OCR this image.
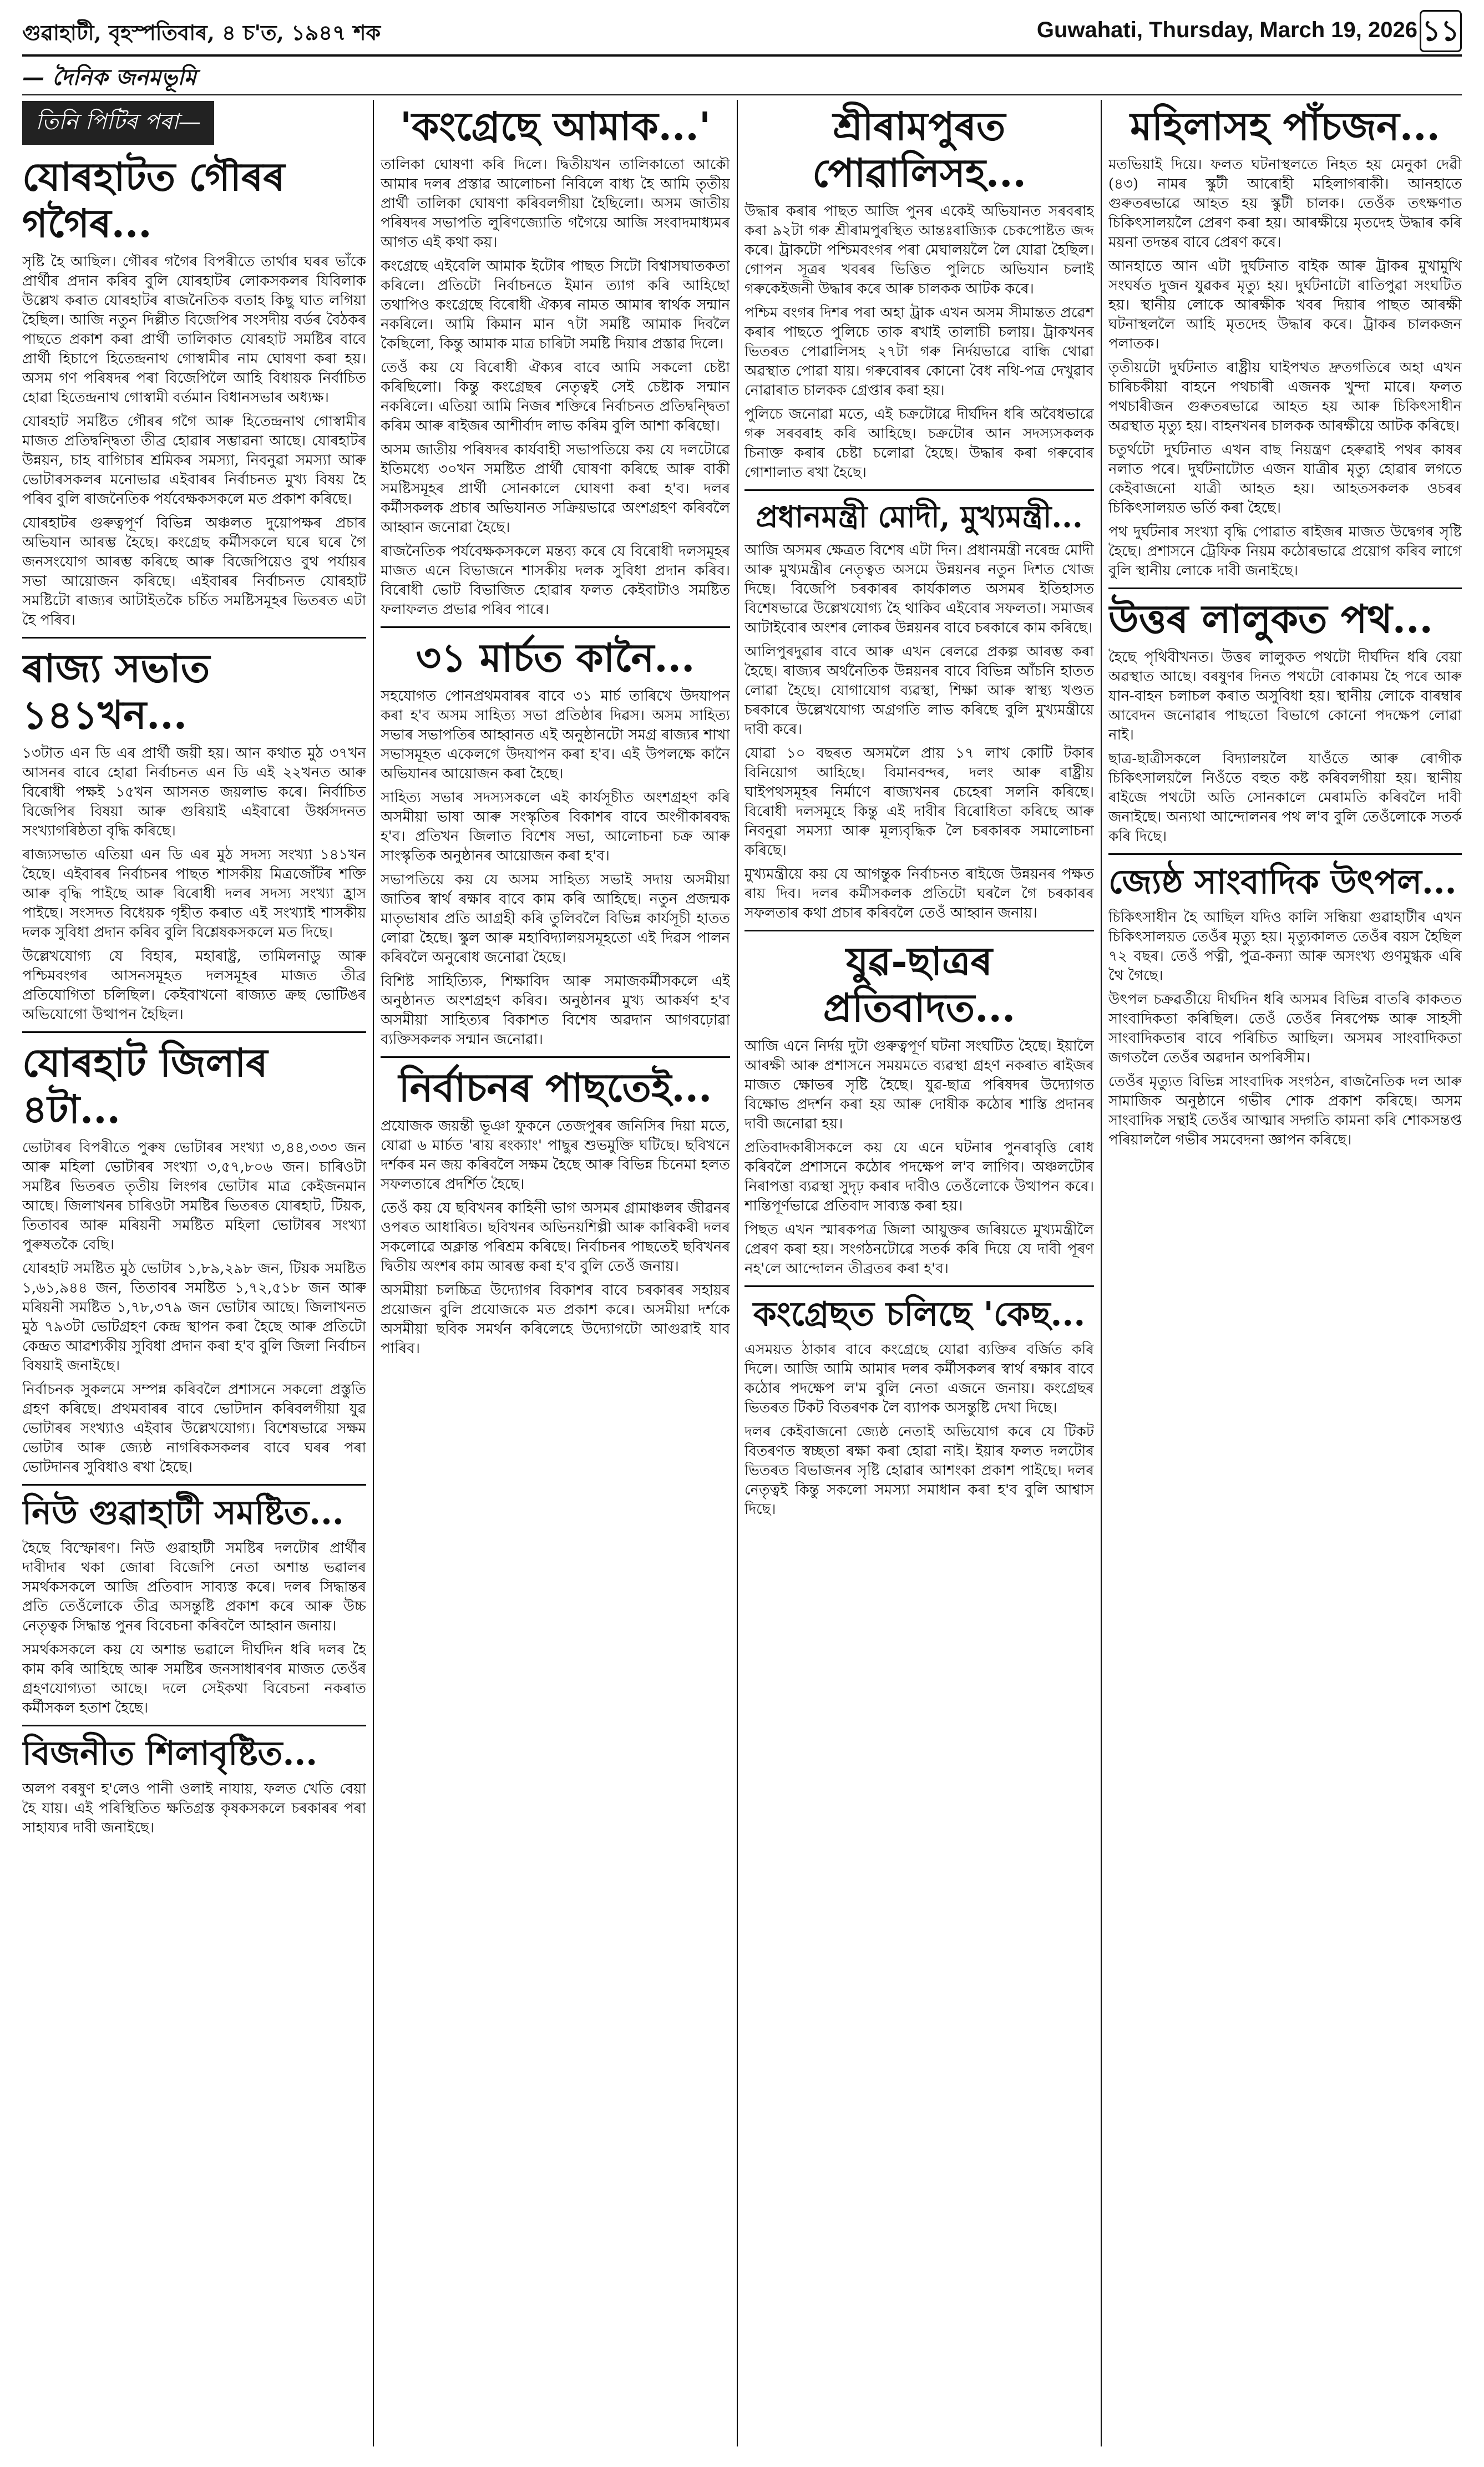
গুৱাহাটী, বৃহস্পতিবাৰ, ৪ চ'ত, ১৯৪৭ শক	Guwahati, Thursday, March 19, 2026 ১১
— দৈনিক জনমভূমি
তিনি পিটিৰ পৰা—
যোৰহাটত গৌৰৰ গগৈৰ...

সৃষ্টি হৈ আছিল। গৌৰৰ গগৈৰ বিপৰীতে তাৰ্থাৰ ঘৰৰ ভাঁকে প্ৰাৰ্থীৰ প্ৰদান কৰিব বুলি যোৰহাটৰ লোকসকলৰ যিবিলাক উল্লেখ কৰাত যোৰহাটৰ ৰাজনৈতিক বতাহ কিছু ঘাত লগিয়া হৈছিল। আজি নতুন দিল্লীত বিজেপিৰ সংসদীয় বৰ্ডৰ বৈঠকৰ পাছতে প্ৰকাশ কৰা প্ৰাৰ্থী তালিকাত যোৰহাট সমষ্টিৰ বাবে প্ৰাৰ্থী হিচাপে হিতেন্দ্ৰনাথ গোস্বামীৰ নাম ঘোষণা কৰা হয়। অসম গণ পৰিষদৰ পৰা বিজেপিলৈ আহি বিধায়ক নিৰ্বাচিত হোৱা হিতেন্দ্ৰনাথ গোস্বামী বৰ্তমান বিধানসভাৰ অধ্যক্ষ।

যোৰহাট সমষ্টিত গৌৰৰ গগৈ আৰু হিতেন্দ্ৰনাথ গোস্বামীৰ মাজত প্ৰতিদ্বন্দ্বিতা তীব্ৰ হোৱাৰ সম্ভাৱনা আছে। যোৰহাটৰ উন্নয়ন, চাহ বাগিচাৰ শ্ৰমিকৰ সমস্যা, নিবনুৱা সমস্যা আৰু ভোটাৰসকলৰ মনোভাৱ এইবাৰৰ নিৰ্বাচনত মুখ্য বিষয় হৈ পৰিব বুলি ৰাজনৈতিক পৰ্যবেক্ষকসকলে মত প্ৰকাশ কৰিছে।

যোৰহাটৰ গুৰুত্বপূৰ্ণ বিভিন্ন অঞ্চলত দুয়োপক্ষৰ প্ৰচাৰ অভিযান আৰম্ভ হৈছে। কংগ্ৰেছ কৰ্মীসকলে ঘৰে ঘৰে গৈ জনসংযোগ আৰম্ভ কৰিছে আৰু বিজেপিয়েও বুথ পৰ্যায়ৰ সভা আয়োজন কৰিছে। এইবাৰৰ নিৰ্বাচনত যোৰহাট সমষ্টিটো ৰাজ্যৰ আটাইতকৈ চৰ্চিত সমষ্টিসমূহৰ ভিতৰত এটা হৈ পৰিব।

ৰাজ্য সভাত ১৪১খন...

১৩টাত এন ডি এৰ প্ৰাৰ্থী জয়ী হয়। আন কথাত মুঠ ৩৭খন আসনৰ বাবে হোৱা নিৰ্বাচনত এন ডি এই ২২খনত আৰু বিৰোধী পক্ষই ১৫খন আসনত জয়লাভ কৰে। নিৰ্বাচিত বিজেপিৰ বিষয়া আৰু গুৰিয়াই এইবাৰো উৰ্ধ্বসদনত সংখ্যাগৰিষ্ঠতা বৃদ্ধি কৰিছে।

ৰাজ্যসভাত এতিয়া এন ডি এৰ মুঠ সদস্য সংখ্যা ১৪১খন হৈছে। এইবাৰৰ নিৰ্বাচনৰ পাছত শাসকীয় মিত্ৰজোঁটৰ শক্তি আৰু বৃদ্ধি পাইছে আৰু বিৰোধী দলৰ সদস্য সংখ্যা হ্ৰাস পাইছে। সংসদত বিধেয়ক গৃহীত কৰাত এই সংখ্যাই শাসকীয় দলক সুবিধা প্ৰদান কৰিব বুলি বিশ্লেষকসকলে মত দিছে।

উল্লেখযোগ্য যে বিহাৰ, মহাৰাষ্ট্ৰ, তামিলনাডু আৰু পশ্চিমবংগৰ আসনসমূহত দলসমূহৰ মাজত তীব্ৰ প্ৰতিযোগিতা চলিছিল। কেইবাখনো ৰাজ্যত ক্ৰছ ভোটিঙৰ অভিযোগো উত্থাপন হৈছিল।

যোৰহাট জিলাৰ ৪টা...

ভোটাৰৰ বিপৰীতে পুৰুষ ভোটাৰৰ সংখ্যা ৩,৪৪,৩৩৩ জন আৰু মহিলা ভোটাৰৰ সংখ্যা ৩,৫৭,৮০৬ জন। চাৰিওটা সমষ্টিৰ ভিতৰত তৃতীয় লিংগৰ ভোটাৰ মাত্ৰ কেইজনমান আছে। জিলাখনৰ চাৰিওটা সমষ্টিৰ ভিতৰত যোৰহাট, টিয়ক, তিতাবৰ আৰু মৰিয়নী সমষ্টিত মহিলা ভোটাৰৰ সংখ্যা পুৰুষতকৈ বেছি।

যোৰহাট সমষ্টিত মুঠ ভোটাৰ ১,৮৯,২৯৮ জন, টিয়ক সমষ্টিত ১,৬১,৯৪৪ জন, তিতাবৰ সমষ্টিত ১,৭২,৫১৮ জন আৰু মৰিয়নী সমষ্টিত ১,৭৮,৩৭৯ জন ভোটাৰ আছে। জিলাখনত মুঠ ৭৯৩টা ভোটগ্ৰহণ কেন্দ্ৰ স্থাপন কৰা হৈছে আৰু প্ৰতিটো কেন্দ্ৰত আৱশ্যকীয় সুবিধা প্ৰদান কৰা হ'ব বুলি জিলা নিৰ্বাচন বিষয়াই জনাইছে।

নিৰ্বাচনক সুকলমে সম্পন্ন কৰিবলৈ প্ৰশাসনে সকলো প্ৰস্তুতি গ্ৰহণ কৰিছে। প্ৰথমবাৰৰ বাবে ভোটদান কৰিবলগীয়া যুৱ ভোটাৰৰ সংখ্যাও এইবাৰ উল্লেখযোগ্য। বিশেষভাৱে সক্ষম ভোটাৰ আৰু জ্যেষ্ঠ নাগৰিকসকলৰ বাবে ঘৰৰ পৰা ভোটদানৰ সুবিধাও ৰখা হৈছে।

নিউ গুৱাহাটী সমষ্টিত...

হৈছে বিস্ফোৰণ। নিউ গুৱাহাটী সমষ্টিৰ দলটোৰ প্ৰাৰ্থীৰ দাবীদাৰ থকা জোৰা বিজেপি নেতা অশান্ত ভৱালৰ সমৰ্থকসকলে আজি প্ৰতিবাদ সাব্যস্ত কৰে। দলৰ সিদ্ধান্তৰ প্ৰতি তেওঁলোকে তীব্ৰ অসন্তুষ্টি প্ৰকাশ কৰে আৰু উচ্চ নেতৃত্বক সিদ্ধান্ত পুনৰ বিবেচনা কৰিবলৈ আহ্বান জনায়।

সমৰ্থকসকলে কয় যে অশান্ত ভৱালে দীৰ্ঘদিন ধৰি দলৰ হৈ কাম কৰি আহিছে আৰু সমষ্টিৰ জনসাধাৰণৰ মাজত তেওঁৰ গ্ৰহণযোগ্যতা আছে। দলে সেইকথা বিবেচনা নকৰাত কৰ্মীসকল হতাশ হৈছে।

বিজনীত শিলাবৃষ্টিত...

অলপ বৰষুণ হ'লেও পানী ওলাই নাযায়, ফলত খেতি বেয়া হৈ যায়। এই পৰিস্থিতিত ক্ষতিগ্ৰস্ত কৃষকসকলে চৰকাৰৰ পৰা সাহায্যৰ দাবী জনাইছে।

'কংগ্ৰেছে আমাক...'

তালিকা ঘোষণা কৰি দিলে। দ্বিতীয়খন তালিকাতো আকৌ আমাৰ দলৰ প্ৰস্তাৱ আলোচনা নিবিলে বাধ্য হৈ আমি তৃতীয় প্ৰাৰ্থী তালিকা ঘোষণা কৰিবলগীয়া হৈছিলো। অসম জাতীয় পৰিষদৰ সভাপতি লুৰিণজ্যোতি গগৈয়ে আজি সংবাদমাধ্যমৰ আগত এই কথা কয়।

কংগ্ৰেছে এইবেলি আমাক ইটোৰ পাছত সিটো বিশ্বাসঘাতকতা কৰিলে। প্ৰতিটো নিৰ্বাচনতে ইমান ত্যাগ কৰি আহিছো তথাপিও কংগ্ৰেছে বিৰোধী ঐক্যৰ নামত আমাৰ স্বাৰ্থক সন্মান নকৰিলে। আমি কিমান মান ৭টা সমষ্টি আমাক দিবলৈ কৈছিলো, কিন্তু আমাক মাত্ৰ চাৰিটা সমষ্টি দিয়াৰ প্ৰস্তাৱ দিলে।

তেওঁ কয় যে বিৰোধী ঐক্যৰ বাবে আমি সকলো চেষ্টা কৰিছিলো। কিন্তু কংগ্ৰেছৰ নেতৃত্বই সেই চেষ্টাক সন্মান নকৰিলে। এতিয়া আমি নিজৰ শক্তিৰে নিৰ্বাচনত প্ৰতিদ্বন্দ্বিতা কৰিম আৰু ৰাইজৰ আশীৰ্বাদ লাভ কৰিম বুলি আশা কৰিছো।

অসম জাতীয় পৰিষদৰ কাৰ্যবাহী সভাপতিয়ে কয় যে দলটোৱে ইতিমধ্যে ৩০খন সমষ্টিত প্ৰাৰ্থী ঘোষণা কৰিছে আৰু বাকী সমষ্টিসমূহৰ প্ৰাৰ্থী সোনকালে ঘোষণা কৰা হ'ব। দলৰ কৰ্মীসকলক প্ৰচাৰ অভিযানত সক্ৰিয়ভাৱে অংশগ্ৰহণ কৰিবলৈ আহ্বান জনোৱা হৈছে।

ৰাজনৈতিক পৰ্যবেক্ষকসকলে মন্তব্য কৰে যে বিৰোধী দলসমূহৰ মাজত এনে বিভাজনে শাসকীয় দলক সুবিধা প্ৰদান কৰিব। বিৰোধী ভোট বিভাজিত হোৱাৰ ফলত কেইবাটাও সমষ্টিত ফলাফলত প্ৰভাৱ পৰিব পাৰে।

৩১ মাৰ্চত কানৈ...

সহযোগত পোনপ্ৰথমবাৰৰ বাবে ৩১ মাৰ্চ তাৰিখে উদযাপন কৰা হ'ব অসম সাহিত্য সভা প্ৰতিষ্ঠাৰ দিৱস। অসম সাহিত্য সভাৰ সভাপতিৰ আহ্বানত এই অনুষ্ঠানটো সমগ্ৰ ৰাজ্যৰ শাখা সভাসমূহত একেলগে উদযাপন কৰা হ'ব। এই উপলক্ষে কানৈ অভিযানৰ আয়োজন কৰা হৈছে।

সাহিত্য সভাৰ সদস্যসকলে এই কাৰ্যসূচীত অংশগ্ৰহণ কৰি অসমীয়া ভাষা আৰু সংস্কৃতিৰ বিকাশৰ বাবে অংগীকাৰবদ্ধ হ'ব। প্ৰতিখন জিলাত বিশেষ সভা, আলোচনা চক্ৰ আৰু সাংস্কৃতিক অনুষ্ঠানৰ আয়োজন কৰা হ'ব।

সভাপতিয়ে কয় যে অসম সাহিত্য সভাই সদায় অসমীয়া জাতিৰ স্বাৰ্থ ৰক্ষাৰ বাবে কাম কৰি আহিছে। নতুন প্ৰজন্মক মাতৃভাষাৰ প্ৰতি আগ্ৰহী কৰি তুলিবলৈ বিভিন্ন কাৰ্যসূচী হাতত লোৱা হৈছে। স্কুল আৰু মহাবিদ্যালয়সমূহতো এই দিৱস পালন কৰিবলৈ অনুৰোধ জনোৱা হৈছে।

বিশিষ্ট সাহিত্যিক, শিক্ষাবিদ আৰু সমাজকৰ্মীসকলে এই অনুষ্ঠানত অংশগ্ৰহণ কৰিব। অনুষ্ঠানৰ মুখ্য আকৰ্ষণ হ'ব অসমীয়া সাহিত্যৰ বিকাশত বিশেষ অৱদান আগবঢ়োৱা ব্যক্তিসকলক সন্মান জনোৱা।

নিৰ্বাচনৰ পাছতেই...

প্ৰযোজক জয়ন্তী ভূঞা ফুকনে তেজপুৰৰ জনিসিৰ দিয়া মতে, যোৱা ৬ মাৰ্চত 'ৰায় ৰংক্যাং' পাছুৰ শুভমুক্তি ঘটিছে। ছবিখনে দৰ্শকৰ মন জয় কৰিবলৈ সক্ষম হৈছে আৰু বিভিন্ন চিনেমা হলত সফলতাৰে প্ৰদৰ্শিত হৈছে।

তেওঁ কয় যে ছবিখনৰ কাহিনী ভাগ অসমৰ গ্ৰামাঞ্চলৰ জীৱনৰ ওপৰত আধাৰিত। ছবিখনৰ অভিনয়শিল্পী আৰু কাৰিকৰী দলৰ সকলোৱে অক্লান্ত পৰিশ্ৰম কৰিছে। নিৰ্বাচনৰ পাছতেই ছবিখনৰ দ্বিতীয় অংশৰ কাম আৰম্ভ কৰা হ'ব বুলি তেওঁ জনায়।

অসমীয়া চলচ্চিত্ৰ উদ্যোগৰ বিকাশৰ বাবে চৰকাৰৰ সহায়ৰ প্ৰয়োজন বুলি প্ৰযোজকে মত প্ৰকাশ কৰে। অসমীয়া দৰ্শকে অসমীয়া ছবিক সমৰ্থন কৰিলেহে উদ্যোগটো আগুৱাই যাব পাৰিব।

শ্ৰীৰামপুৰত পোৱালিসহ...

উদ্ধাৰ কৰাৰ পাছত আজি পুনৰ একেই অভিযানত সৰবৰাহ কৰা ৯২টা গৰু শ্ৰীৰামপুৰস্থিত আন্তঃৰাজ্যিক চেকপোষ্টত জব্দ কৰে। ট্ৰাকটো পশ্চিমবংগৰ পৰা মেঘালয়লৈ লৈ যোৱা হৈছিল। গোপন সূত্ৰৰ খবৰৰ ভিত্তিত পুলিচে অভিযান চলাই গৰুকেইজনী উদ্ধাৰ কৰে আৰু চালকক আটক কৰে।

পশ্চিম বংগৰ দিশৰ পৰা অহা ট্ৰাক এখন অসম সীমান্তত প্ৰৱেশ কৰাৰ পাছতে পুলিচে তাক ৰখাই তালাচী চলায়। ট্ৰাকখনৰ ভিতৰত পোৱালিসহ ২৭টা গৰু নিৰ্দয়ভাৱে বান্ধি থোৱা অৱস্থাত পোৱা যায়। গৰুবোৰৰ কোনো বৈধ নথি-পত্ৰ দেখুৱাব নোৱাৰাত চালকক গ্ৰেপ্তাৰ কৰা হয়।

পুলিচে জনোৱা মতে, এই চক্ৰটোৱে দীৰ্ঘদিন ধৰি অবৈধভাৱে গৰু সৰবৰাহ কৰি আহিছে। চক্ৰটোৰ আন সদস্যসকলক চিনাক্ত কৰাৰ চেষ্টা চলোৱা হৈছে। উদ্ধাৰ কৰা গৰুবোৰ গোশালাত ৰখা হৈছে।

প্ৰধানমন্ত্ৰী মোদী, মুখ্যমন্ত্ৰী...

আজি অসমৰ ক্ষেত্ৰত বিশেষ এটা দিন। প্ৰধানমন্ত্ৰী নৰেন্দ্ৰ মোদী আৰু মুখ্যমন্ত্ৰীৰ নেতৃত্বত অসমে উন্নয়নৰ নতুন দিশত খোজ দিছে। বিজেপি চৰকাৰৰ কাৰ্যকালত অসমৰ ইতিহাসত বিশেষভাৱে উল্লেখযোগ্য হৈ থাকিব এইবোৰ সফলতা। সমাজৰ আটাইবোৰ অংশৰ লোকৰ উন্নয়নৰ বাবে চৰকাৰে কাম কৰিছে।

আলিপুৰদুৱাৰ বাবে আৰু এখন ৰেলৱে প্ৰকল্প আৰম্ভ কৰা হৈছে। ৰাজ্যৰ অৰ্থনৈতিক উন্নয়নৰ বাবে বিভিন্ন আঁচনি হাতত লোৱা হৈছে। যোগাযোগ ব্যৱস্থা, শিক্ষা আৰু স্বাস্থ্য খণ্ডত চৰকাৰে উল্লেখযোগ্য অগ্ৰগতি লাভ কৰিছে বুলি মুখ্যমন্ত্ৰীয়ে দাবী কৰে।

যোৱা ১০ বছৰত অসমলৈ প্ৰায় ১৭ লাখ কোটি টকাৰ বিনিয়োগ আহিছে। বিমানবন্দৰ, দলং আৰু ৰাষ্ট্ৰীয় ঘাইপথসমূহৰ নিৰ্মাণে ৰাজ্যখনৰ চেহেৰা সলনি কৰিছে। বিৰোধী দলসমূহে কিন্তু এই দাবীৰ বিৰোধিতা কৰিছে আৰু নিবনুৱা সমস্যা আৰু মূল্যবৃদ্ধিক লৈ চৰকাৰক সমালোচনা কৰিছে।

মুখ্যমন্ত্ৰীয়ে কয় যে আগন্তুক নিৰ্বাচনত ৰাইজে উন্নয়নৰ পক্ষত ৰায় দিব। দলৰ কৰ্মীসকলক প্ৰতিটো ঘৰলৈ গৈ চৰকাৰৰ সফলতাৰ কথা প্ৰচাৰ কৰিবলৈ তেওঁ আহ্বান জনায়।

যুৱ-ছাত্ৰৰ প্ৰতিবাদত...

আজি এনে নিৰ্দয় দুটা গুৰুত্বপূৰ্ণ ঘটনা সংঘটিত হৈছে। ইয়ালৈ আৰক্ষী আৰু প্ৰশাসনে সময়মতে ব্যৱস্থা গ্ৰহণ নকৰাত ৰাইজৰ মাজত ক্ষোভৰ সৃষ্টি হৈছে। যুৱ-ছাত্ৰ পৰিষদৰ উদ্যোগত বিক্ষোভ প্ৰদৰ্শন কৰা হয় আৰু দোষীক কঠোৰ শাস্তি প্ৰদানৰ দাবী জনোৱা হয়।

প্ৰতিবাদকাৰীসকলে কয় যে এনে ঘটনাৰ পুনৰাবৃত্তি ৰোধ কৰিবলৈ প্ৰশাসনে কঠোৰ পদক্ষেপ ল'ব লাগিব। অঞ্চলটোৰ নিৰাপত্তা ব্যৱস্থা সুদৃঢ় কৰাৰ দাবীও তেওঁলোকে উত্থাপন কৰে। শান্তিপূৰ্ণভাৱে প্ৰতিবাদ সাব্যস্ত কৰা হয়।

পিছত এখন স্মাৰকপত্ৰ জিলা আয়ুক্তৰ জৰিয়তে মুখ্যমন্ত্ৰীলৈ প্ৰেৰণ কৰা হয়। সংগঠনটোৱে সতৰ্ক কৰি দিয়ে যে দাবী পূৰণ নহ'লে আন্দোলন তীব্ৰতৰ কৰা হ'ব।

কংগ্ৰেছত চলিছে 'কেছ...

এসময়ত ঠাকাৰ বাবে কংগ্ৰেছে যোৱা ব্যক্তিৰ বৰ্জিত কৰি দিলে। আজি আমি আমাৰ দলৰ কৰ্মীসকলৰ স্বাৰ্থ ৰক্ষাৰ বাবে কঠোৰ পদক্ষেপ ল'ম বুলি নেতা এজনে জনায়। কংগ্ৰেছৰ ভিতৰত টিকট বিতৰণক লৈ ব্যাপক অসন্তুষ্টি দেখা দিছে।

দলৰ কেইবাজনো জ্যেষ্ঠ নেতাই অভিযোগ কৰে যে টিকট বিতৰণত স্বচ্ছতা ৰক্ষা কৰা হোৱা নাই। ইয়াৰ ফলত দলটোৰ ভিতৰত বিভাজনৰ সৃষ্টি হোৱাৰ আশংকা প্ৰকাশ পাইছে। দলৰ নেতৃত্বই কিন্তু সকলো সমস্যা সমাধান কৰা হ'ব বুলি আশ্বাস দিছে।

মহিলাসহ পাঁচজন...

মতভিয়াই দিয়ে। ফলত ঘটনাস্থলতে নিহত হয় মেনুকা দেৱী (৪৩) নামৰ স্কুটী আৰোহী মহিলাগৰাকী। আনহাতে গুৰুতৰভাৱে আহত হয় স্কুটী চালক। তেওঁক তৎক্ষণাত চিকিৎসালয়লৈ প্ৰেৰণ কৰা হয়। আৰক্ষীয়ে মৃতদেহ উদ্ধাৰ কৰি ময়না তদন্তৰ বাবে প্ৰেৰণ কৰে।

আনহাতে আন এটা দুৰ্ঘটনাত বাইক আৰু ট্ৰাকৰ মুখামুখি সংঘৰ্ষত দুজন যুৱকৰ মৃত্যু হয়। দুৰ্ঘটনাটো ৰাতিপুৱা সংঘটিত হয়। স্থানীয় লোকে আৰক্ষীক খবৰ দিয়াৰ পাছত আৰক্ষী ঘটনাস্থললৈ আহি মৃতদেহ উদ্ধাৰ কৰে। ট্ৰাকৰ চালকজন পলাতক।

তৃতীয়টো দুৰ্ঘটনাত ৰাষ্ট্ৰীয় ঘাইপথত দ্ৰুতগতিৰে অহা এখন চাৰিচকীয়া বাহনে পথচাৰী এজনক খুন্দা মাৰে। ফলত পথচাৰীজন গুৰুতৰভাৱে আহত হয় আৰু চিকিৎসাধীন অৱস্থাত মৃত্যু হয়। বাহনখনৰ চালকক আৰক্ষীয়ে আটক কৰিছে।

চতুৰ্থটো দুৰ্ঘটনাত এখন বাছ নিয়ন্ত্ৰণ হেৰুৱাই পথৰ কাষৰ নলাত পৰে। দুৰ্ঘটনাটোত এজন যাত্ৰীৰ মৃত্যু হোৱাৰ লগতে কেইবাজনো যাত্ৰী আহত হয়। আহতসকলক ওচৰৰ চিকিৎসালয়ত ভৰ্তি কৰা হৈছে।

পথ দুৰ্ঘটনাৰ সংখ্যা বৃদ্ধি পোৱাত ৰাইজৰ মাজত উদ্বেগৰ সৃষ্টি হৈছে। প্ৰশাসনে ট্ৰেফিক নিয়ম কঠোৰভাৱে প্ৰয়োগ কৰিব লাগে বুলি স্থানীয় লোকে দাবী জনাইছে।

উত্তৰ লালুকত পথ...

হৈছে পৃথিবীখনত। উত্তৰ লালুকত পথটো দীৰ্ঘদিন ধৰি বেয়া অৱস্থাত আছে। বৰষুণৰ দিনত পথটো বোকাময় হৈ পৰে আৰু যান-বাহন চলাচল কৰাত অসুবিধা হয়। স্থানীয় লোকে বাৰম্বাৰ আবেদন জনোৱাৰ পাছতো বিভাগে কোনো পদক্ষেপ লোৱা নাই।

ছাত্ৰ-ছাত্ৰীসকলে বিদ্যালয়লৈ যাওঁতে আৰু ৰোগীক চিকিৎসালয়লৈ নিওঁতে বহুত কষ্ট কৰিবলগীয়া হয়। স্থানীয় ৰাইজে পথটো অতি সোনকালে মেৰামতি কৰিবলৈ দাবী জনাইছে। অন্যথা আন্দোলনৰ পথ ল'ব বুলি তেওঁলোকে সতৰ্ক কৰি দিছে।

জ্যেষ্ঠ সাংবাদিক উৎপল...

চিকিৎসাধীন হৈ আছিল যদিও কালি সন্ধিয়া গুৱাহাটীৰ এখন চিকিৎসালয়ত তেওঁৰ মৃত্যু হয়। মৃত্যুকালত তেওঁৰ বয়স হৈছিল ৭২ বছৰ। তেওঁ পত্নী, পুত্ৰ-কন্যা আৰু অসংখ্য গুণমুগ্ধক এৰি থৈ গৈছে।

উৎপল চক্ৰৱৰ্তীয়ে দীৰ্ঘদিন ধৰি অসমৰ বিভিন্ন বাতৰি কাকতত সাংবাদিকতা কৰিছিল। তেওঁ তেওঁৰ নিৰপেক্ষ আৰু সাহসী সাংবাদিকতাৰ বাবে পৰিচিত আছিল। অসমৰ সাংবাদিকতা জগতলৈ তেওঁৰ অৱদান অপৰিসীম।

তেওঁৰ মৃত্যুত বিভিন্ন সাংবাদিক সংগঠন, ৰাজনৈতিক দল আৰু সামাজিক অনুষ্ঠানে গভীৰ শোক প্ৰকাশ কৰিছে। অসম সাংবাদিক সন্থাই তেওঁৰ আত্মাৰ সদ্গতি কামনা কৰি শোকসন্তপ্ত পৰিয়াললৈ গভীৰ সমবেদনা জ্ঞাপন কৰিছে।
